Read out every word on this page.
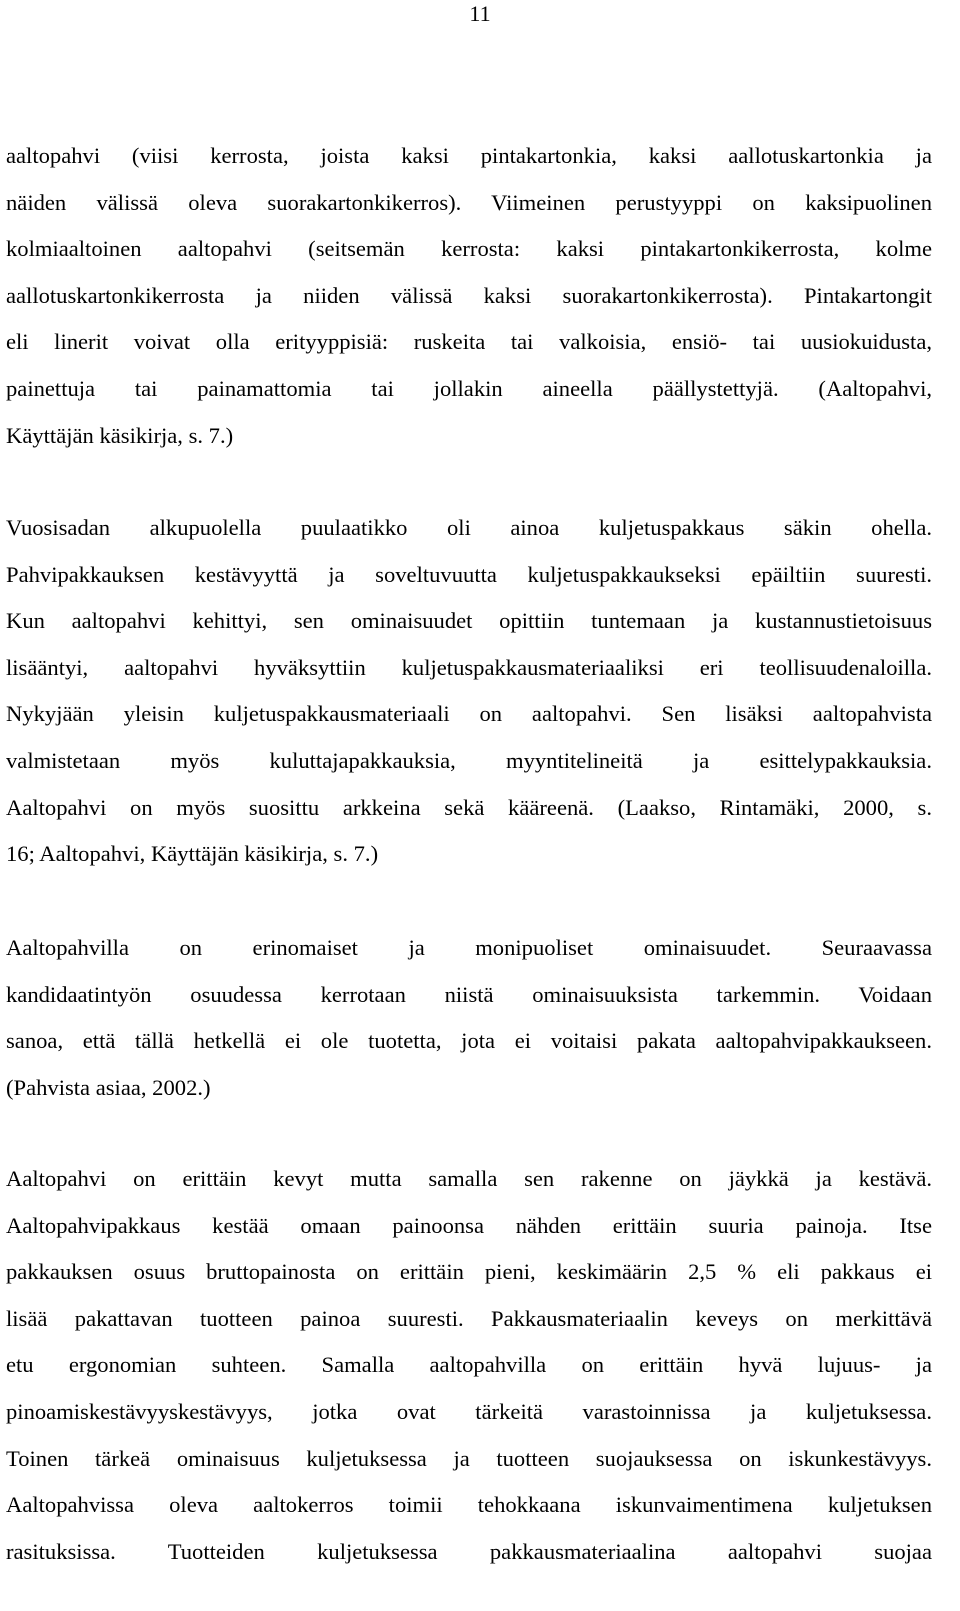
11
aaltopahvi (viisi kerrosta, joista kaksi pintakartonkia, kaksi aallotuskartonkia ja
näiden välissä oleva suorakartonkikerros). Viimeinen perustyyppi on kaksipuolinen
kolmiaaltoinen aaltopahvi (seitsemän kerrosta: kaksi pintakartonkikerrosta, kolme
aallotuskartonkikerrosta ja niiden välissä kaksi suorakartonkikerrosta). Pintakartongit
eli linerit voivat olla erityyppisiä: ruskeita tai valkoisia, ensiö- tai uusiokuidusta,
painettuja tai painamattomia tai jollakin aineella päällystettyjä. (Aaltopahvi,
Käyttäjän käsikirja, s. 7.)
Vuosisadan alkupuolella puulaatikko oli ainoa kuljetuspakkaus säkin ohella.
Pahvipakkauksen kestävyyttä ja soveltuvuutta kuljetuspakkaukseksi epäiltiin suuresti.
Kun aaltopahvi kehittyi, sen ominaisuudet opittiin tuntemaan ja kustannustietoisuus
lisääntyi, aaltopahvi hyväksyttiin kuljetuspakkausmateriaaliksi eri teollisuudenaloilla.
Nykyjään yleisin kuljetuspakkausmateriaali on aaltopahvi. Sen lisäksi aaltopahvista
valmistetaan myös kuluttajapakkauksia, myyntitelineitä ja esittelypakkauksia.
Aaltopahvi on myös suosittu arkkeina sekä kääreenä. (Laakso, Rintamäki, 2000, s.
16; Aaltopahvi, Käyttäjän käsikirja, s. 7.)
Aaltopahvilla on erinomaiset ja monipuoliset ominaisuudet. Seuraavassa
kandidaatintyön osuudessa kerrotaan niistä ominaisuuksista tarkemmin. Voidaan
sanoa, että tällä hetkellä ei ole tuotetta, jota ei voitaisi pakata aaltopahvipakkaukseen.
(Pahvista asiaa, 2002.)
Aaltopahvi on erittäin kevyt mutta samalla sen rakenne on jäykkä ja kestävä.
Aaltopahvipakkaus kestää omaan painoonsa nähden erittäin suuria painoja. Itse
pakkauksen osuus bruttopainosta on erittäin pieni, keskimäärin 2,5 % eli pakkaus ei
lisää pakattavan tuotteen painoa suuresti. Pakkausmateriaalin keveys on merkittävä
etu ergonomian suhteen. Samalla aaltopahvilla on erittäin hyvä lujuus- ja
pinoamiskestävyyskestävyys, jotka ovat tärkeitä varastoinnissa ja kuljetuksessa.
Toinen tärkeä ominaisuus kuljetuksessa ja tuotteen suojauksessa on iskunkestävyys.
Aaltopahvissa oleva aaltokerros toimii tehokkaana iskunvaimentimena kuljetuksen
rasituksissa. Tuotteiden kuljetuksessa pakkausmateriaalina aaltopahvi suojaa
